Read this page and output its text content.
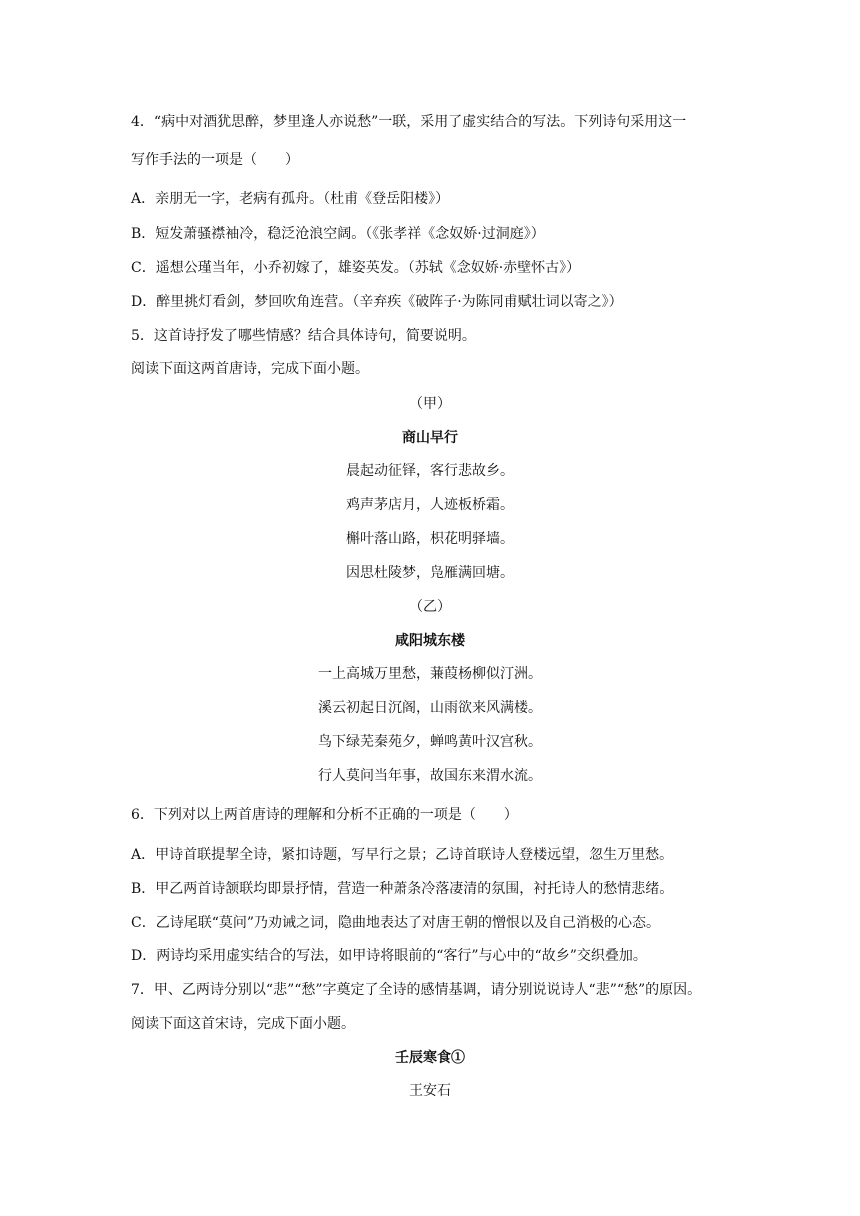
4．“病中对酒犹思醉，梦里逢人亦说愁”一联，采用了虚实结合的写法。下列诗句采用这一
写作手法的一项是（　　）
A．亲朋无一字，老病有孤舟。（杜甫《登岳阳楼》）
B．短发萧骚襟袖冷，稳泛沧浪空阔。（《张孝祥《念奴娇·过洞庭》）
C．遥想公瑾当年，小乔初嫁了，雄姿英发。（苏轼《念奴娇·赤壁怀古》）
D．醉里挑灯看剑，梦回吹角连营。（辛弃疾《破阵子·为陈同甫赋壮词以寄之》）
5．这首诗抒发了哪些情感？结合具体诗句，简要说明。
阅读下面这两首唐诗，完成下面小题。
（甲）
商山早行
晨起动征铎，客行悲故乡。
鸡声茅店月，人迹板桥霜。
槲叶落山路，枳花明驿墙。
因思杜陵梦，凫雁满回塘。
（乙）
咸阳城东楼
一上高城万里愁，蒹葭杨柳似汀洲。
溪云初起日沉阁，山雨欲来风满楼。
鸟下绿芜秦苑夕，蝉鸣黄叶汉宫秋。
行人莫问当年事，故国东来渭水流。
6．下列对以上两首唐诗的理解和分析不正确的一项是（　　）
A．甲诗首联提挈全诗，紧扣诗题，写早行之景；乙诗首联诗人登楼远望，忽生万里愁。
B．甲乙两首诗颔联均即景抒情，营造一种萧条冷落凄清的氛围，衬托诗人的愁情悲绪。
C．乙诗尾联“莫问”乃劝诫之词，隐曲地表达了对唐王朝的憎恨以及自己消极的心态。
D．两诗均采用虚实结合的写法，如甲诗将眼前的“客行”与心中的“故乡”交织叠加。
7．甲、乙两诗分别以“悲”“愁”字奠定了全诗的感情基调，请分别说说诗人“悲”“愁”的原因。
阅读下面这首宋诗，完成下面小题。
壬辰寒食①
王安石
